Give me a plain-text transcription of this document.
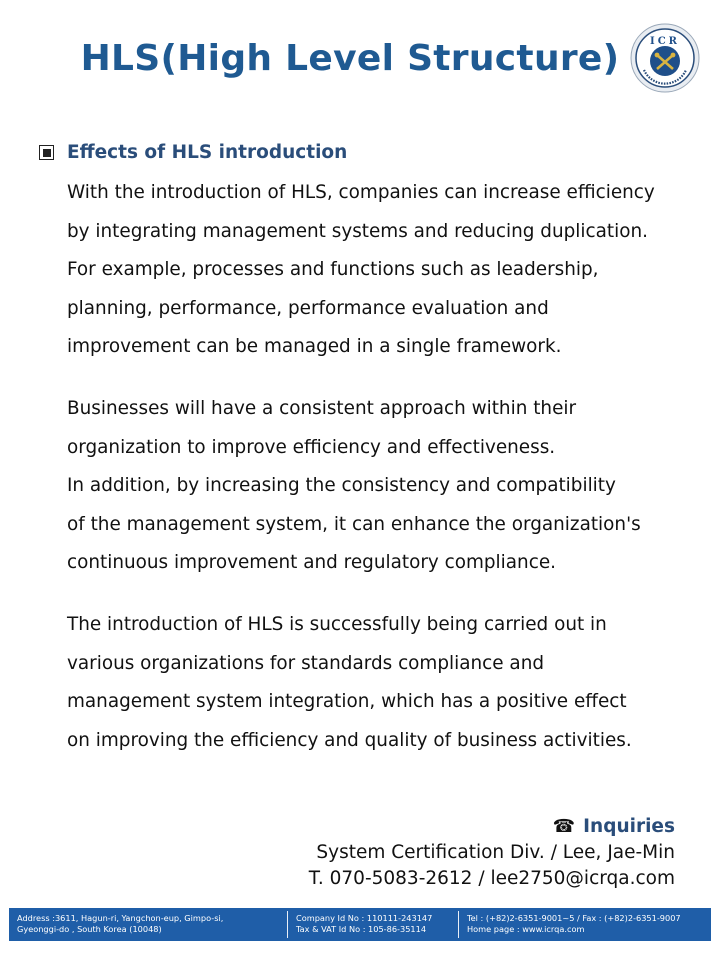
HLS(High Level Structure)	ICR
Effects of HLS introduction

With the introduction of HLS, companies can increase efficiency

by integrating management systems and reducing duplication.

For example, processes and functions such as leadership,

planning, performance, performance evaluation and

improvement can be managed in a single framework.

Businesses will have a consistent approach within their

organization to improve efficiency and effectiveness.

In addition, by increasing the consistency and compatibility

of the management system, it can enhance the organization's

continuous improvement and regulatory compliance.

The introduction of HLS is successfully being carried out in

various organizations for standards compliance and

management system integration, which has a positive effect

on improving the efficiency and quality of business activities.

☎ Inquiries
System Certification Div. / Lee, Jae-Min
T. 070-5083-2612 / lee2750@icrqa.com
Address :3611, Hagun-ri, Yangchon-eup, Gimpo-si,
Gyeonggi-do , South Korea (10048)
Company Id No : 110111-243147
Tax & VAT Id No : 105-86-35114
Tel : (+82)2-6351-9001~5 / Fax : (+82)2-6351-9007
Home page : www.icrqa.com
